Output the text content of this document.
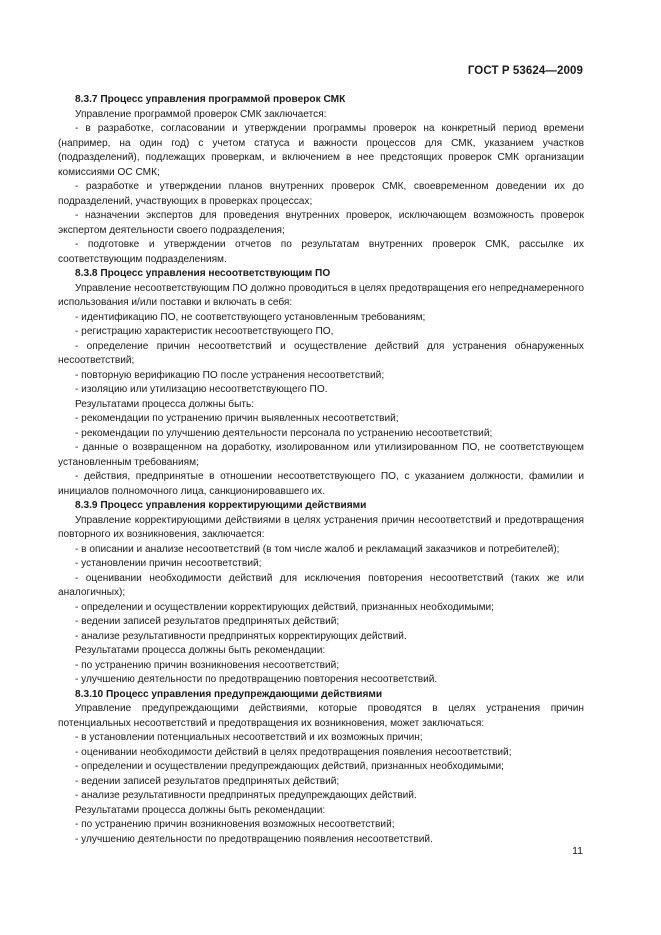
ГОСТ Р 53624—2009
8.3.7 Процесс управления программой проверок СМК

Управление программой проверок СМК заключается:

- в разработке, согласовании и утверждении программы проверок на конкретный период времени (например, на один год) с учетом статуса и важности процессов для СМК, указанием участков (подразделений), подлежащих проверкам, и включением в нее предстоящих проверок СМК организации комиссиями ОС СМК;

- разработке и утверждении планов внутренних проверок СМК, своевременном доведении их до подразделений, участвующих в проверках процессах;

- назначении экспертов для проведения внутренних проверок, исключающем возможность проверок экспертом деятельности своего подразделения;

- подготовке и утверждении отчетов по результатам внутренних проверок СМК, рассылке их соответствующим подразделениям.

8.3.8 Процесс управления несоответствующим ПО

Управление несоответствующим ПО должно проводиться в целях предотвращения его непреднамеренного использования и/или поставки и включать в себя:

- идентификацию ПО, не соответствующего установленным требованиям;

- регистрацию характеристик несоответствующего ПО,

- определение причин несоответствий и осуществление действий для устранения обнаруженных несоответствий;

- повторную верификацию ПО после устранения несоответствий;

- изоляцию или утилизацию несоответствующего ПО.

Результатами процесса должны быть:

- рекомендации по устранению причин выявленных несоответствий;

- рекомендации по улучшению деятельности персонала по устранению несоответствий;

- данные о возвращенном на доработку, изолированном или утилизированном ПО, не соответствующем установленным требованиям;

- действия, предпринятые в отношении несоответствующего ПО, с указанием должности, фамилии и инициалов полномочного лица, санкционировавшего их.

8.3.9 Процесс управления корректирующими действиями

Управление корректирующими действиями в целях устранения причин несоответствий и предотвращения повторного их возникновения, заключается:

- в описании и анализе несоответствий (в том числе жалоб и рекламаций заказчиков и потребителей);

- установлении причин несоответствий;

- оценивании необходимости действий для исключения повторения несоответствий (таких же или аналогичных);

- определении и осуществлении корректирующих действий, признанных необходимыми;

- ведении записей результатов предпринятых действий;

- анализе результативности предпринятых корректирующих действий.

Результатами процесса должны быть рекомендации:

- по устранению причин возникновения несоответствий;

- улучшению деятельности по предотвращению повторения несоответствий.

8.3.10 Процесс управления предупреждающими действиями

Управление предупреждающими действиями, которые проводятся в целях устранения причин потенциальных несоответствий и предотвращения их возникновения, может заключаться:

- в установлении потенциальных несоответствий и их возможных причин;

- оценивании необходимости действий в целях предотвращения появления несоответствий;

- определении и осуществлении предупреждающих действий, признанных необходимыми;

- ведении записей результатов предпринятых действий;

- анализе результативности предпринятых предупреждающих действий.

Результатами процесса должны быть рекомендации:

- по устранению причин возникновения возможных несоответствий;

- улучшению деятельности по предотвращению появления несоответствий.

11
